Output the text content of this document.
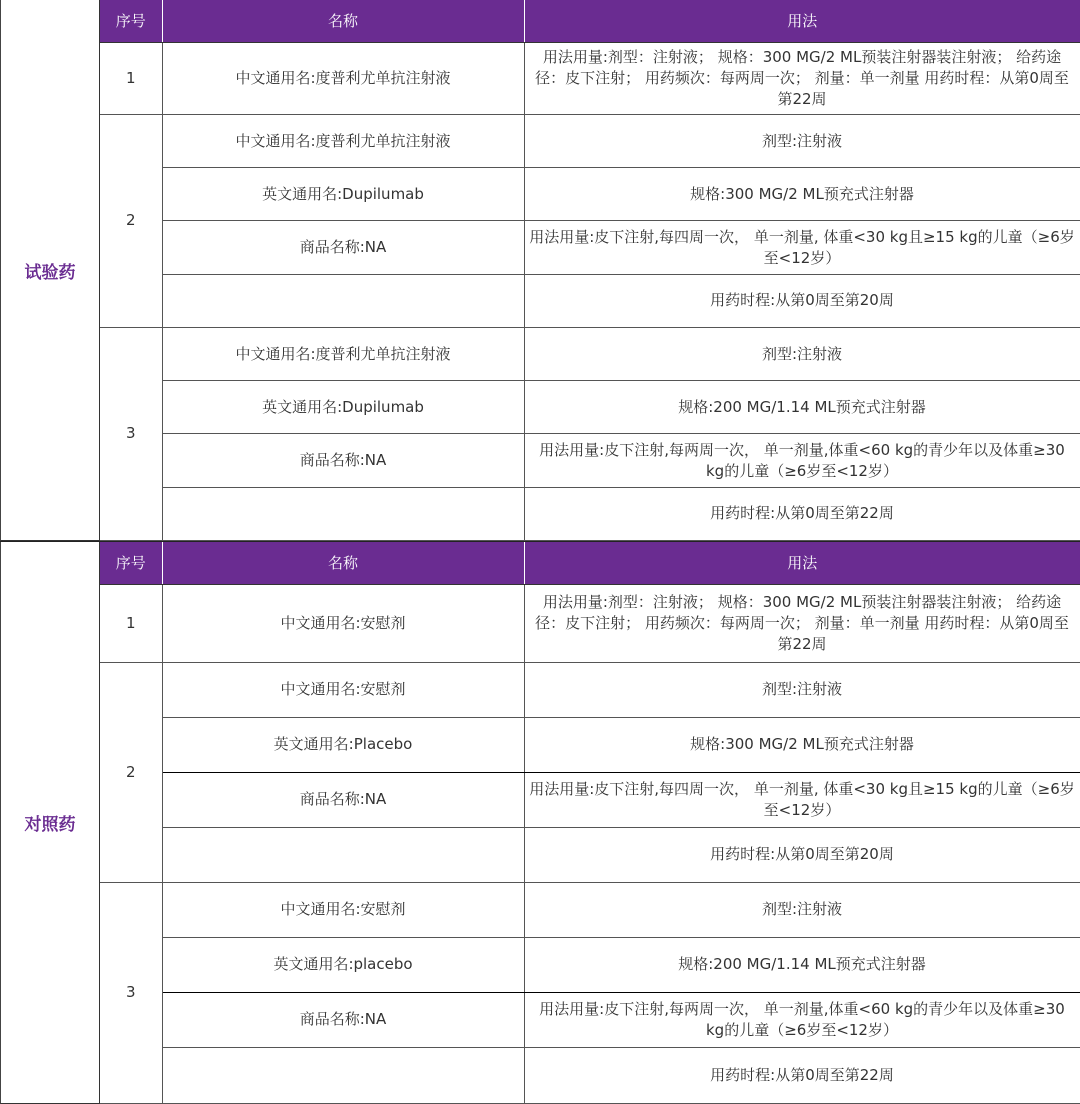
试验药
序号	名称	用法
1	中文通用名:度普利尤单抗注射液	用法用量:剂型：注射液； 规格：300 MG/2 ML预装注射器装注射液； 给药途径：皮下注射； 用药频次：每两周一次； 剂量：单一剂量 用药时程：从第0周至第22周
2	中文通用名:度普利尤单抗注射液	剂型:注射液
	英文通用名:Dupilumab	规格:300 MG/2 ML预充式注射器
	商品名称:NA	用法用量:皮下注射,每四周一次， 单一剂量, 体重<30 kg且≥15 kg的儿童（≥6岁至<12岁）
		用药时程:从第0周至第20周
3	中文通用名:度普利尤单抗注射液	剂型:注射液
	英文通用名:Dupilumab	规格:200 MG/1.14 ML预充式注射器
	商品名称:NA	用法用量:皮下注射,每两周一次， 单一剂量,体重<60 kg的青少年以及体重≥30 kg的儿童（≥6岁至<12岁）
		用药时程:从第0周至第22周
对照药
序号	名称	用法
1	中文通用名:安慰剂	用法用量:剂型：注射液； 规格：300 MG/2 ML预装注射器装注射液； 给药途径：皮下注射； 用药频次：每两周一次； 剂量：单一剂量 用药时程：从第0周至第22周
2	中文通用名:安慰剂	剂型:注射液
	英文通用名:Placebo	规格:300 MG/2 ML预充式注射器
	商品名称:NA	用法用量:皮下注射,每四周一次， 单一剂量, 体重<30 kg且≥15 kg的儿童（≥6岁至<12岁）
		用药时程:从第0周至第20周
3	中文通用名:安慰剂	剂型:注射液
	英文通用名:placebo	规格:200 MG/1.14 ML预充式注射器
	商品名称:NA	用法用量:皮下注射,每两周一次， 单一剂量,体重<60 kg的青少年以及体重≥30 kg的儿童（≥6岁至<12岁）
		用药时程:从第0周至第22周
